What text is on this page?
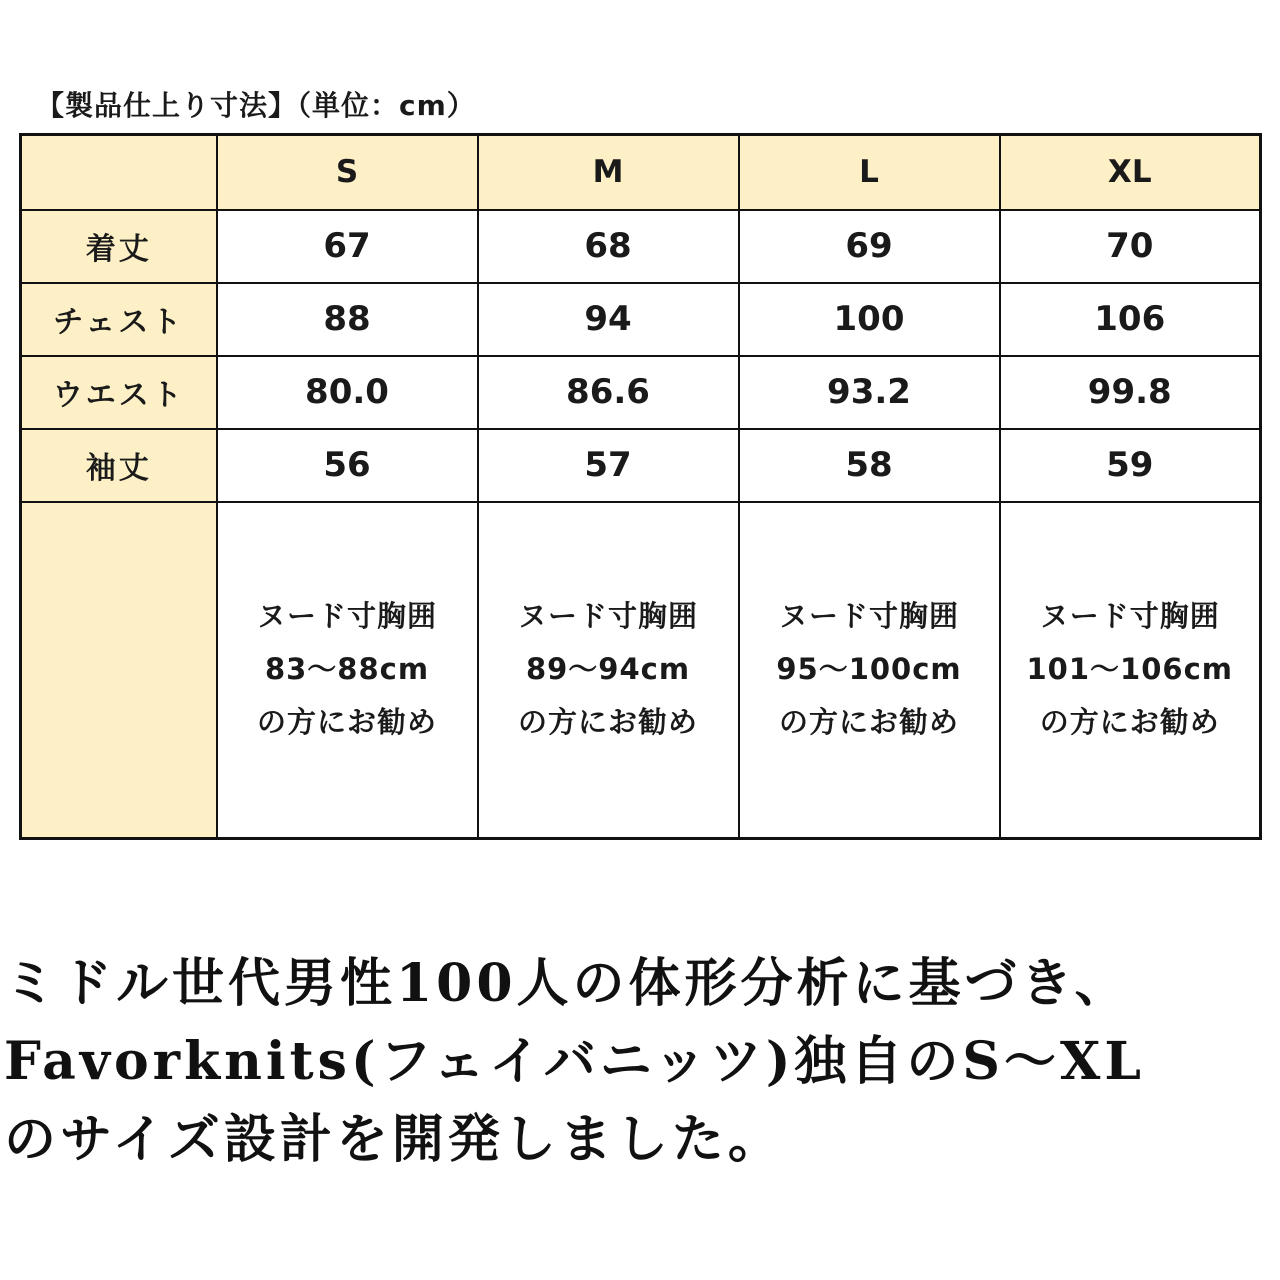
【製品仕上り寸法】（単位：cm）
	S	M	L	XL
着丈	67	68	69	70
チェスト	88	94	100	106
ウエスト	80.0	86.6	93.2	99.8
袖丈	56	57	58	59

	ヌード寸胸囲
83～88cm
の方にお勧め	ヌード寸胸囲
89～94cm
の方にお勧め	ヌード寸胸囲
95～100cm
の方にお勧め	ヌード寸胸囲
101～106cm
の方にお勧め
ミドル世代男性100人の体形分析に基づき、
Favorknits(フェイバニッツ)独自のS～XL
のサイズ設計を開発しました。
